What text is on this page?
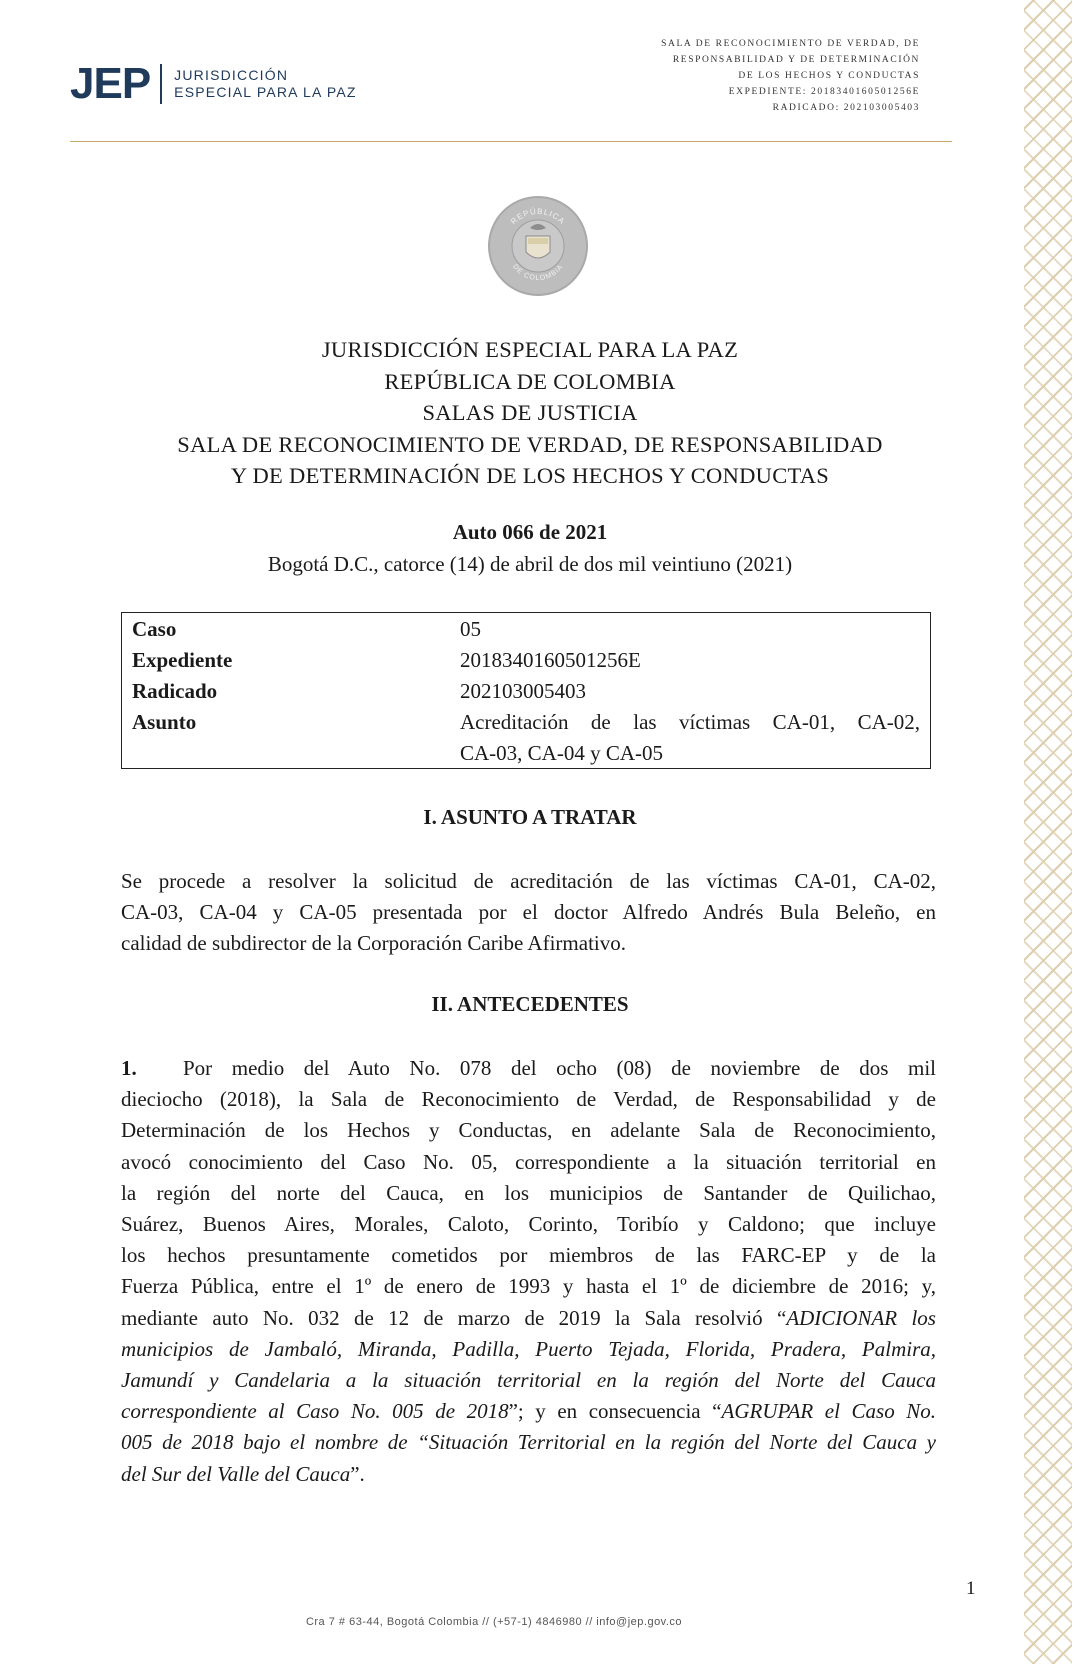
JEP JURISDICCIÓN
ESPECIAL PARA LA PAZ
SALA DE RECONOCIMIENTO DE VERDAD, DE
RESPONSABILIDAD Y DE DETERMINACIÓN
DE LOS HECHOS Y CONDUCTAS
EXPEDIENTE: 2018340160501256E
RADICADO: 202103005403
REPÚBLICA
DE COLOMBIA
JURISDICCIÓN ESPECIAL PARA LA PAZ
REPÚBLICA DE COLOMBIA
SALAS DE JUSTICIA
SALA DE RECONOCIMIENTO DE VERDAD, DE RESPONSABILIDAD
Y DE DETERMINACIÓN DE LOS HECHOS Y CONDUCTAS
Auto 066 de 2021
Bogotá D.C., catorce (14) de abril de dos mil veintiuno (2021)
Caso	05
Expediente	2018340160501256E
Radicado	202103005403
Asunto	Acreditación de las víctimas CA-01, CA-02,
CA-03, CA-04 y CA-05
I. ASUNTO A TRATAR
Se procede a resolver la solicitud de acreditación de las víctimas CA-01, CA-02,
CA-03, CA-04 y CA-05 presentada por el doctor Alfredo Andrés Bula Beleño, en
calidad de subdirector de la Corporación Caribe Afirmativo.
II. ANTECEDENTES
1. Por medio del Auto No. 078 del ocho (08) de noviembre de dos mil
dieciocho (2018), la Sala de Reconocimiento de Verdad, de Responsabilidad y de
Determinación de los Hechos y Conductas, en adelante Sala de Reconocimiento,
avocó conocimiento del Caso No. 05, correspondiente a la situación territorial en
la región del norte del Cauca, en los municipios de Santander de Quilichao,
Suárez, Buenos Aires, Morales, Caloto, Corinto, Toribío y Caldono; que incluye
los hechos presuntamente cometidos por miembros de las FARC-EP y de la
Fuerza Pública, entre el 1º de enero de 1993 y hasta el 1º de diciembre de 2016; y,
mediante auto No. 032 de 12 de marzo de 2019 la Sala resolvió “ADICIONAR los
municipios de Jambaló, Miranda, Padilla, Puerto Tejada, Florida, Pradera, Palmira,
Jamundí y Candelaria a la situación territorial en la región del Norte del Cauca
correspondiente al Caso No. 005 de 2018”; y en consecuencia “AGRUPAR el Caso No.
005 de 2018 bajo el nombre de “Situación Territorial en la región del Norte del Cauca y
del Sur del Valle del Cauca”.
1
Cra 7 # 63-44, Bogotá Colombia // (+57-1) 4846980 // info@jep.gov.co
